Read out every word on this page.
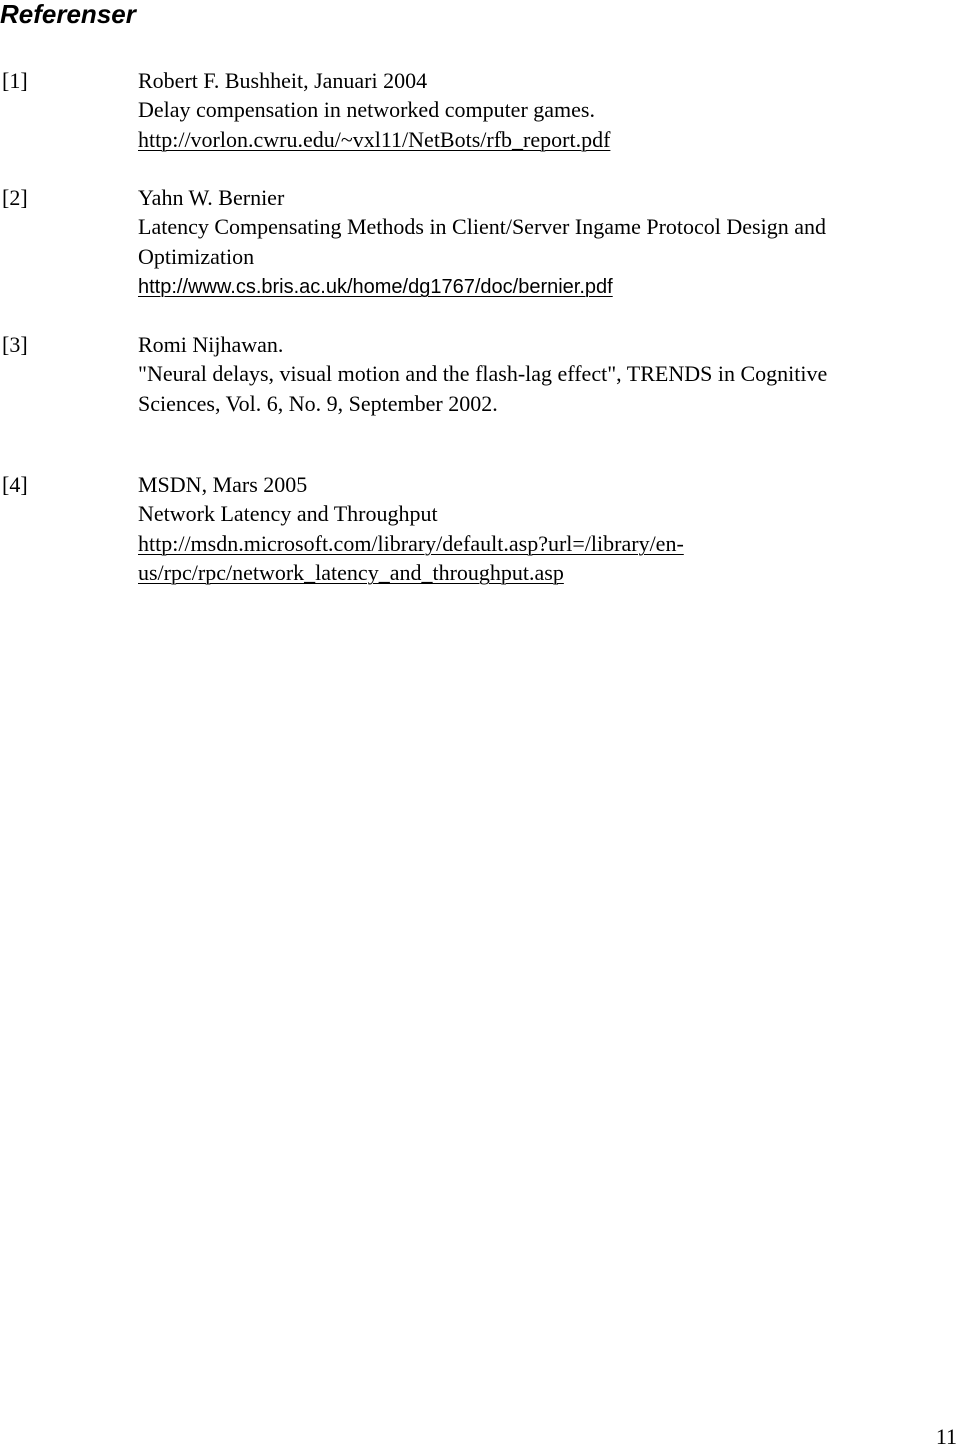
Referenser
[1]	Robert F. Bushheit, Januari 2004
Delay compensation in networked computer games.
http://vorlon.cwru.edu/~vxl11/NetBots/rfb_report.pdf
[2]	Yahn W. Bernier
Latency Compensating Methods in Client/Server Ingame Protocol Design and
Optimization
http://www.cs.bris.ac.uk/home/dg1767/doc/bernier.pdf
[3]	Romi Nijhawan.
"Neural delays, visual motion and the flash-lag effect", TRENDS in Cognitive
Sciences, Vol. 6, No. 9, September 2002.
[4]	MSDN, Mars 2005
Network Latency and Throughput
http://msdn.microsoft.com/library/default.asp?url=/library/en-
us/rpc/rpc/network_latency_and_throughput.asp
11
